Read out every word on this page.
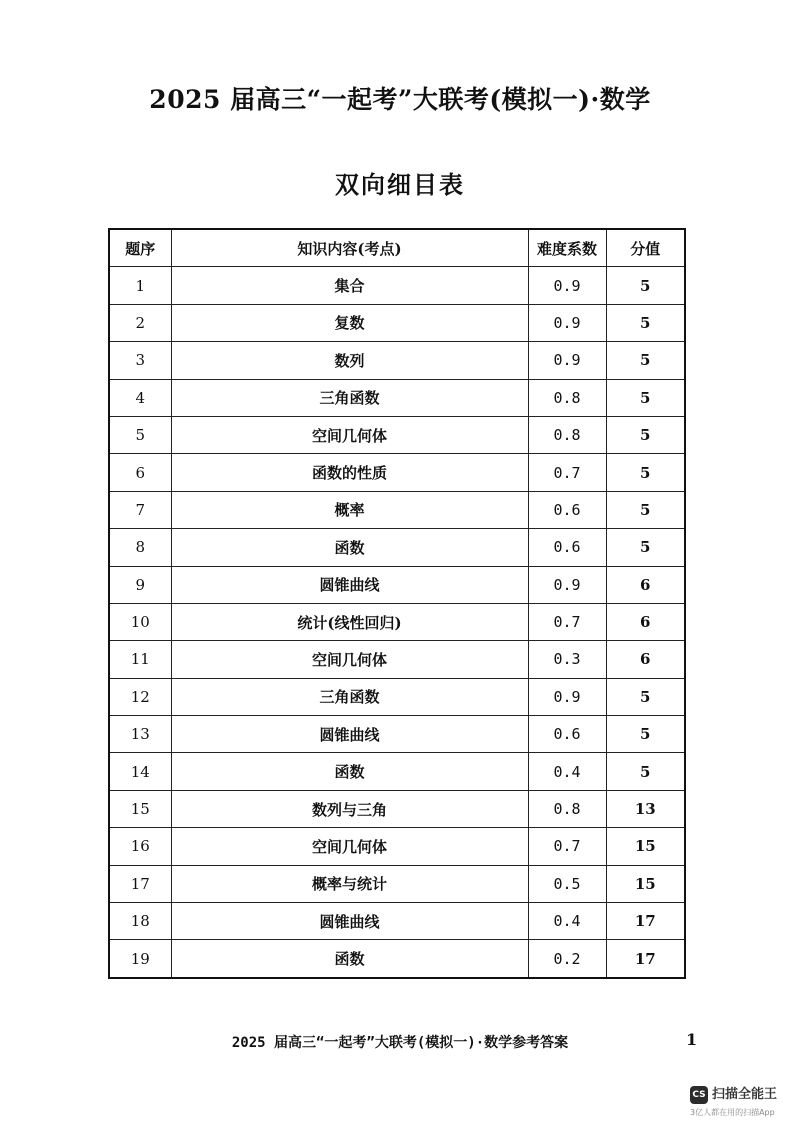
2025 届高三“一起考”大联考(模拟一)·数学
双向细目表
题序	知识内容(考点)	难度系数	分值
1	集合	0.9	5
2	复数	0.9	5
3	数列	0.9	5
4	三角函数	0.8	5
5	空间几何体	0.8	5
6	函数的性质	0.7	5
7	概率	0.6	5
8	函数	0.6	5
9	圆锥曲线	0.9	6
10	统计(线性回归)	0.7	6
11	空间几何体	0.3	6
12	三角函数	0.9	5
13	圆锥曲线	0.6	5
14	函数	0.4	5
15	数列与三角	0.8	13
16	空间几何体	0.7	15
17	概率与统计	0.5	15
18	圆锥曲线	0.4	17
19	函数	0.2	17
2025 届高三“一起考”大联考(模拟一)·数学参考答案	1
CS 扫描全能王
3亿人都在用的扫描App
